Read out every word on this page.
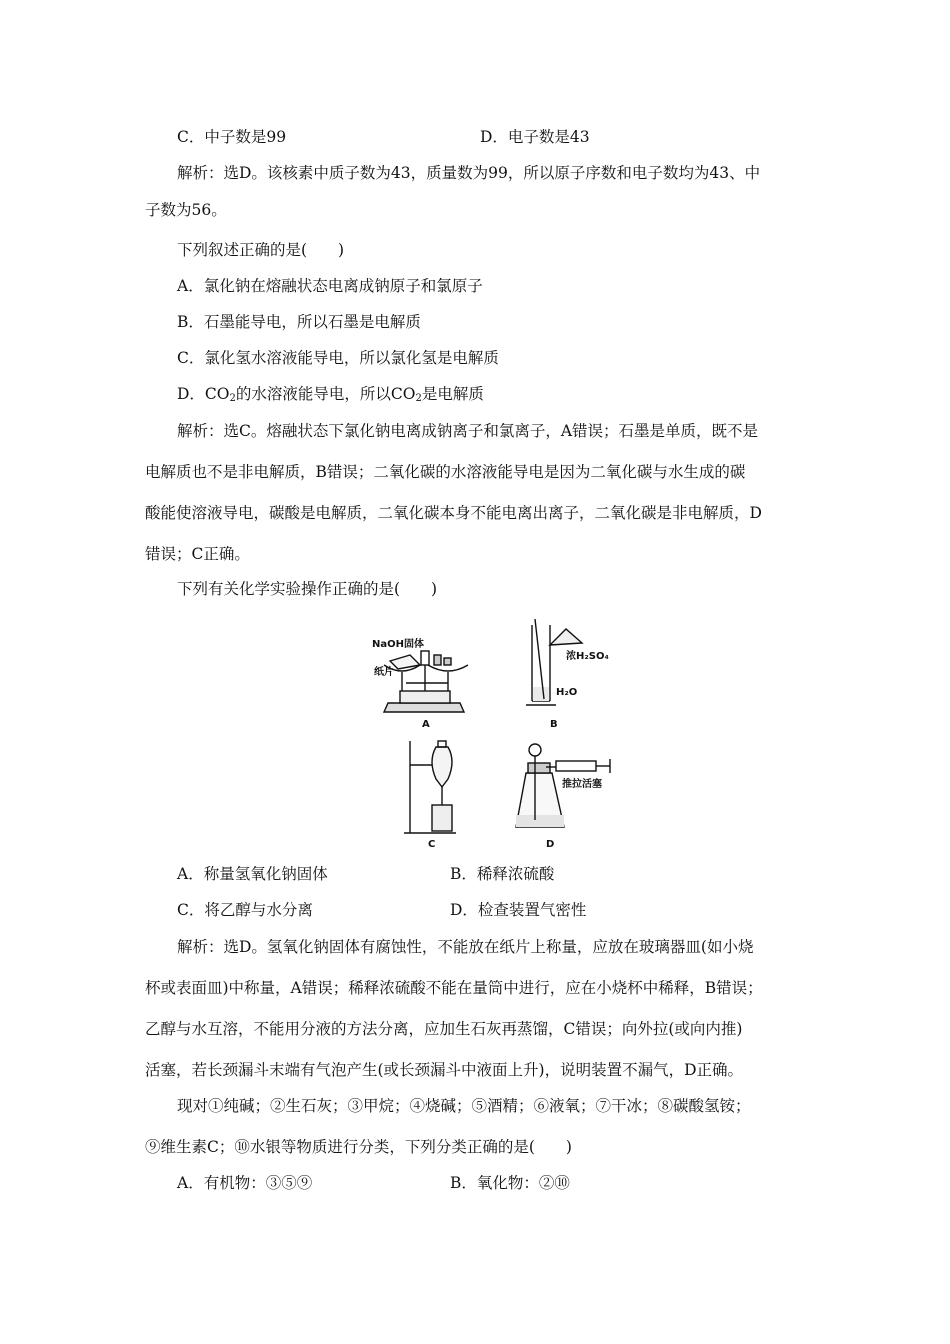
C．中子数是99	D．电子数是43
解析：选D。该核素中质子数为43，质量数为99，所以原子序数和电子数均为43、中
子数为56。
下列叙述正确的是(　　)
A．氯化钠在熔融状态电离成钠原子和氯原子
B．石墨能导电，所以石墨是电解质
C．氯化氢水溶液能导电，所以氯化氢是电解质
D．$CO_2$的水溶液能导电，所以$CO_2$是电解质
解析：选C。熔融状态下氯化钠电离成钠离子和氯离子，A错误；石墨是单质，既不是
电解质也不是非电解质，B错误；二氧化碳的水溶液能导电是因为二氧化碳与水生成的碳
酸能使溶液导电，碳酸是电解质，二氧化碳本身不能电离出离子，二氧化碳是非电解质，D
错误；C正确。
下列有关化学实验操作正确的是(　　)
NaOH固体
纸片
A
浓H₂SO₄
H₂O
B
C
推拉活塞
D
A．称量氢氧化钠固体	B．稀释浓硫酸
C．将乙醇与水分离	D．检查装置气密性
解析：选D。氢氧化钠固体有腐蚀性，不能放在纸片上称量，应放在玻璃器皿(如小烧
杯或表面皿)中称量，A错误；稀释浓硫酸不能在量筒中进行，应在小烧杯中稀释，B错误；
乙醇与水互溶，不能用分液的方法分离，应加生石灰再蒸馏，C错误；向外拉(或向内推)
活塞，若长颈漏斗末端有气泡产生(或长颈漏斗中液面上升)，说明装置不漏气，D正确。
现对①纯碱；②生石灰；③甲烷；④烧碱；⑤酒精；⑥液氧；⑦干冰；⑧碳酸氢铵；
⑨维生素C；⑩水银等物质进行分类，下列分类正确的是(　　)
A．有机物：③⑤⑨	B．氧化物：②⑩
